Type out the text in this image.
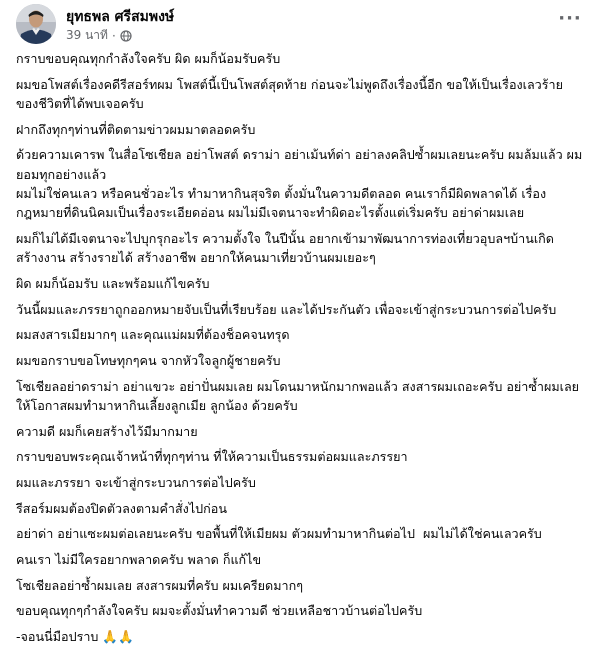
ยุทธพล ศรีสมพงษ์
39 นาที ·
···

กราบขอบคุณทุกกำลังใจครับ ผิด ผมก็น้อมรับครับ

ผมขอโพสต์เรื่องคดีรีสอร์ทผม โพสต์นี้เป็นโพสต์สุดท้าย ก่อนจะไม่พูดถึงเรื่องนี้อีก ขอให้เป็นเรื่องเลวร้ายของชีวิตที่ได้พบเจอครับ

ฝากถึงทุกๆท่านที่ติดตามข่าวผมมาตลอดครับ

ด้วยความเคารพ ในสื่อโซเชียล อย่าโพสต์ ดราม่า อย่าเม้นท์ด่า อย่าลงคลิปซ้ำผมเลยนะครับ ผมล้มแล้ว ผมยอมทุกอย่างแล้ว
ผมไม่ใช่คนเลว หรือคนชั่วอะไร ทำมาหากินสุจริต ตั้งมั่นในความดีตลอด คนเราก็มีผิดพลาดได้ เรื่องกฎหมายที่ดินนิคมเป็นเรื่องระเอียดอ่อน ผมไม่มีเจตนาจะทำผิดอะไรตั้งแต่เริ่มครับ อย่าด่าผมเลย

ผมก็ไม่ได้มีเจตนาจะไปบุกรุกอะไร ความตั้งใจ ในปีนั้น อยากเข้ามาพัฒนาการท่องเที่ยวอุบลฯบ้านเกิด สร้างงาน สร้างรายได้ สร้างอาชีพ อยากให้คนมาเที่ยวบ้านผมเยอะๆ

ผิด ผมก็น้อมรับ และพร้อมแก้ไขครับ

วันนี้ผมและภรรยาถูกออกหมายจับเป็นที่เรียบร้อย และได้ประกันตัว เพื่อจะเข้าสู่กระบวนการต่อไปครับ

ผมสงสารเมียมากๆ และคุณแม่ผมที่ต้องช็อคจนทรุด

ผมขอกราบขอโทษทุกๆคน จากหัวใจลูกผู้ชายครับ

โซเชียลอย่าดราม่า อย่าแขวะ อย่าปั่นผมเลย ผมโดนมาหนักมากพอแล้ว สงสารผมเถอะครับ อย่าซ้ำผมเลย ให้โอกาสผมทำมาหากินเลี้ยงลูกเมีย ลูกน้อง ด้วยครับ

ความดี ผมก็เคยสร้างไว้มีมากมาย

กราบขอบพระคุณเจ้าหน้าที่ทุกๆท่าน ที่ให้ความเป็นธรรมต่อผมและภรรยา

ผมและภรรยา จะเข้าสู่กระบวนการต่อไปครับ

รีสอร์มผมต้องปิดตัวลงตามคำสั่งไปก่อน

อย่าด่า อย่าแซะผมต่อเลยนะครับ ขอพื้นที่ให้เมียผม ตัวผมทำมาหากินต่อไป  ผมไม่ได้ใช่คนเลวครับ

คนเรา ไม่มีใครอยากพลาดครับ พลาด ก็แก้ไข

โซเชียลอย่าซ้ำผมเลย สงสารผมที่ครับ ผมเครียดมากๆ

ขอบคุณทุกๆกำลังใจครับ ผมจะตั้งมั่นทำความดี ช่วยเหลือชาวบ้านต่อไปครับ

-จอนนี่มือปราบ 🙏🙏
